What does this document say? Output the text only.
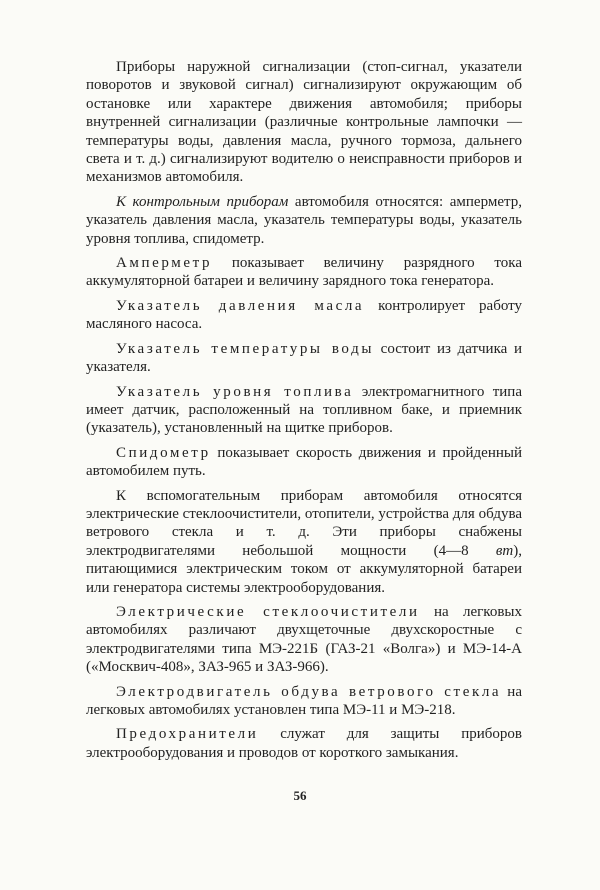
Приборы наружной сигнализации (стоп-сигнал, указатели поворотов и звуковой сигнал) сигнализируют окружающим об остановке или характере движения автомобиля; приборы внутренней сигнализации (различные контрольные лампочки — температуры воды, давления масла, ручного тормоза, дальнего света и т. д.) сигнализируют водителю о неисправности приборов и механизмов автомобиля.

К контрольным приборам автомобиля относятся: амперметр, указатель давления масла, указатель температуры воды, указатель уровня топлива, спидометр.

Амперметр показывает величину разрядного тока аккумуляторной батареи и величину зарядного тока генератора.

Указатель давления масла контролирует работу масляного насоса.

Указатель температуры воды состоит из датчика и указателя.

Указатель уровня топлива электромагнитного типа имеет датчик, расположенный на топливном баке, и приемник (указатель), установленный на щитке приборов.

Спидометр показывает скорость движения и пройденный автомобилем путь.

К вспомогательным приборам автомобиля относятся электрические стеклоочистители, отопители, устройства для обдува ветрового стекла и т. д. Эти приборы снабжены электродвигателями небольшой мощности (4—8 вт), питающимися электрическим током от аккумуляторной батареи или генератора системы электрооборудования.

Электрические стеклоочистители на легковых автомобилях различают двухщеточные двухскоростные с электродвигателями типа МЭ-221Б (ГАЗ-21 «Волга») и МЭ-14-А («Москвич-408», ЗАЗ-965 и ЗАЗ-966).

Электродвигатель обдува ветрового стекла на легковых автомобилях установлен типа МЭ-11 и МЭ-218.

Предохранители служат для защиты приборов электрооборудования и проводов от короткого замыкания.

56
